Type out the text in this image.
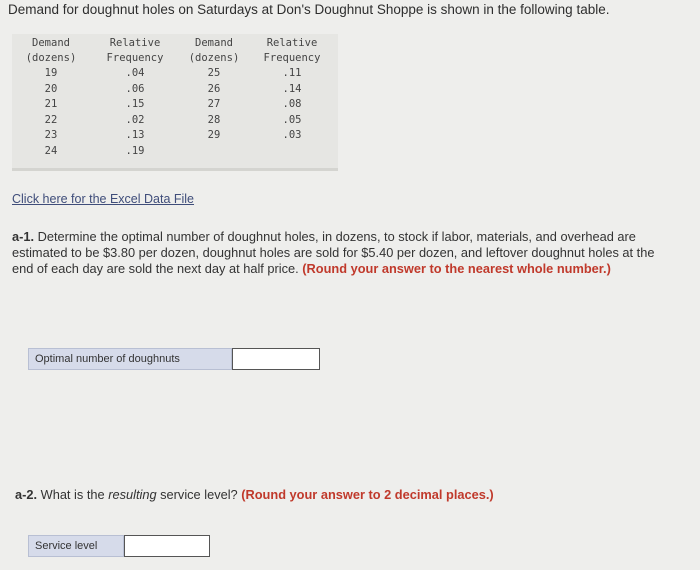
Demand for doughnut holes on Saturdays at Don's Doughnut Shoppe is shown in the following table.
Demand	Relative	Demand	Relative
(dozens)	Frequency	(dozens)	Frequency
19	.04	25	.11
20	.06	26	.14
21	.15	27	.08
22	.02	28	.05
23	.13	29	.03
24	.19		
Click here for the Excel Data File
a-1. Determine the optimal number of doughnut holes, in dozens, to stock if labor, materials, and overhead are estimated to be $3.80 per dozen, doughnut holes are sold for $5.40 per dozen, and leftover doughnut holes at the end of each day are sold the next day at half price. (Round your answer to the nearest whole number.)
Optimal number of doughnuts
a-2. What is the resulting service level? (Round your answer to 2 decimal places.)
Service level
